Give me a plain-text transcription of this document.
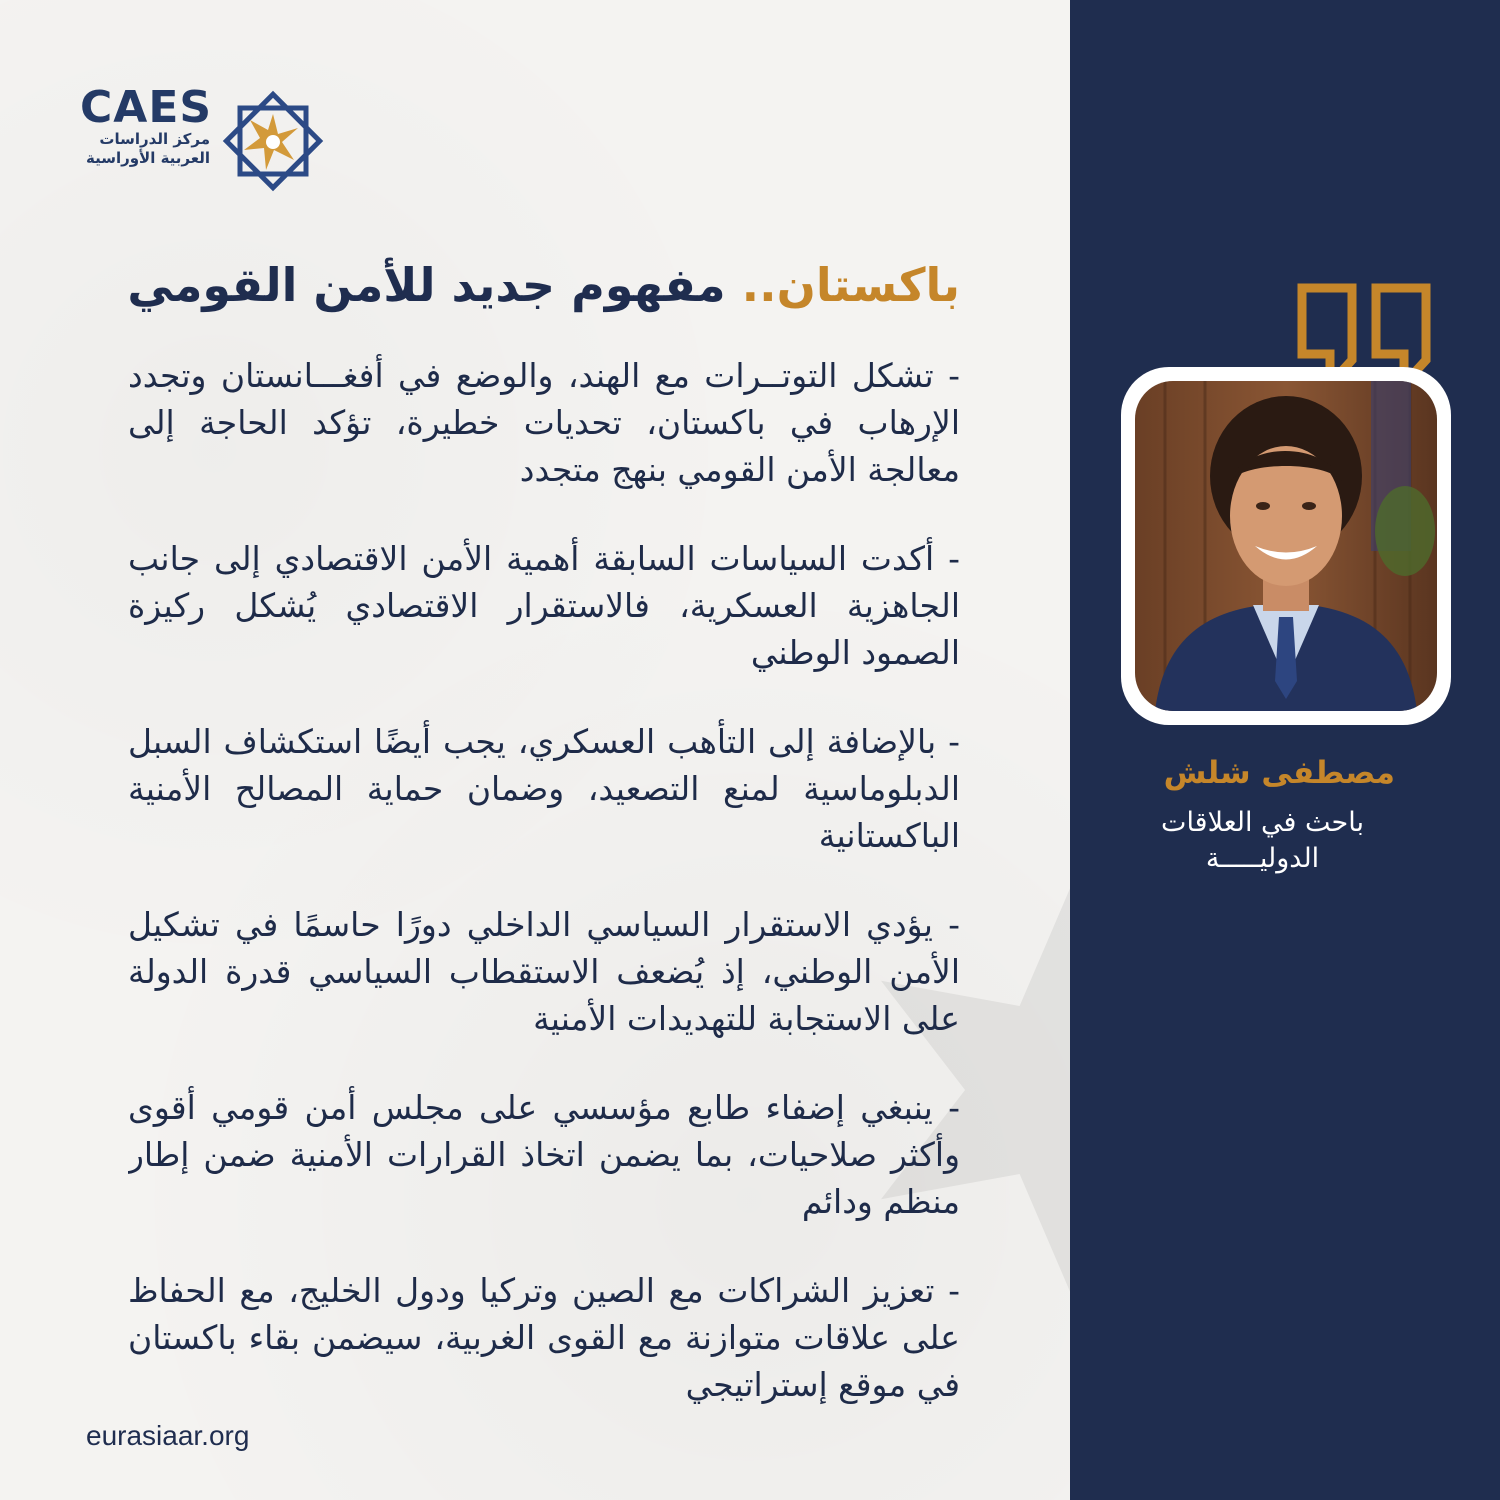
CAES
مركز الدراسات
العربية الأوراسية
باكستان.. مفهوم جديد للأمن القومي
- تشكل التوتــرات مع الهند، والوضع في أفغـــانستان وتجدد الإرهاب في باكستان، تحديات خطيرة، تؤكد الحاجة إلى معالجة الأمن القومي بنهج متجدد
- أكدت السياسات السابقة أهمية الأمن الاقتصادي إلى جانب الجاهزية العسكرية، فالاستقرار الاقتصادي يُشكل ركيزة الصمود الوطني
- بالإضافة إلى التأهب العسكري، يجب أيضًا استكشاف السبل الدبلوماسية لمنع التصعيد، وضمان حماية المصالح الأمنية الباكستانية
- يؤدي الاستقرار السياسي الداخلي دورًا حاسمًا في تشكيل الأمن الوطني، إذ يُضعف الاستقطاب السياسي قدرة الدولة على الاستجابة للتهديدات الأمنية
- ينبغي إضفاء طابع مؤسسي على مجلس أمن قومي أقوى وأكثر صلاحيات، بما يضمن اتخاذ القرارات الأمنية ضمن إطار منظم ودائم
- تعزيز الشراكات مع الصين وتركيا ودول الخليج، مع الحفاظ على علاقات متوازنة مع القوى الغربية، سيضمن بقاء باكستان في موقع إستراتيجي
eurasiaar.org
مصطفى شلش
باحث في العلاقات
الدوليـــــة
